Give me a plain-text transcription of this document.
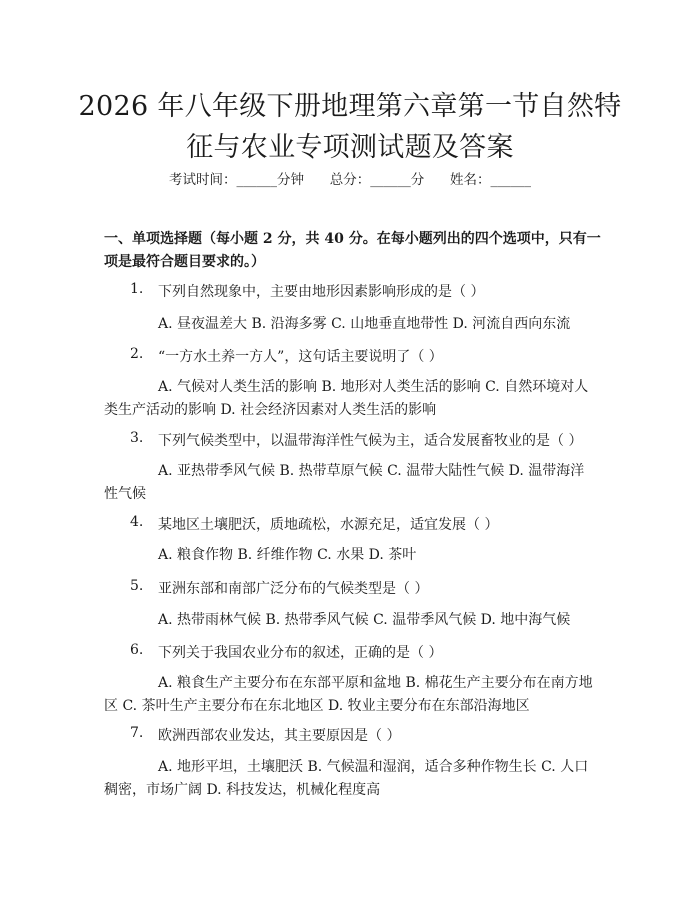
2026 年八年级下册地理第六章第一节自然特
征与农业专项测试题及答案
考试时间：______分钟      总分：______分      姓名：______
一、单项选择题（每小题 2 分，共 40 分。在每小题列出的四个选项中，只有一项是最符合题目要求的。）
1. 下列自然现象中，主要由地形因素影响形成的是（ ）
A. 昼夜温差大 B. 沿海多雾 C. 山地垂直地带性 D. 河流自西向东流
2. “一方水土养一方人”，这句话主要说明了（ ）
A. 气候对人类生活的影响 B. 地形对人类生活的影响 C. 自然环境对人类生产活动的影响 D. 社会经济因素对人类生活的影响
3. 下列气候类型中，以温带海洋性气候为主，适合发展畜牧业的是（ ）
A. 亚热带季风气候 B. 热带草原气候 C. 温带大陆性气候 D. 温带海洋性气候
4. 某地区土壤肥沃，质地疏松，水源充足，适宜发展（ ）
A. 粮食作物 B. 纤维作物 C. 水果 D. 茶叶
5. 亚洲东部和南部广泛分布的气候类型是（ ）
A. 热带雨林气候 B. 热带季风气候 C. 温带季风气候 D. 地中海气候
6. 下列关于我国农业分布的叙述，正确的是（ ）
A. 粮食生产主要分布在东部平原和盆地 B. 棉花生产主要分布在南方地区 C. 茶叶生产主要分布在东北地区 D. 牧业主要分布在东部沿海地区
7. 欧洲西部农业发达，其主要原因是（ ）
A. 地形平坦，土壤肥沃 B. 气候温和湿润，适合多种作物生长 C. 人口稠密，市场广阔 D. 科技发达，机械化程度高
